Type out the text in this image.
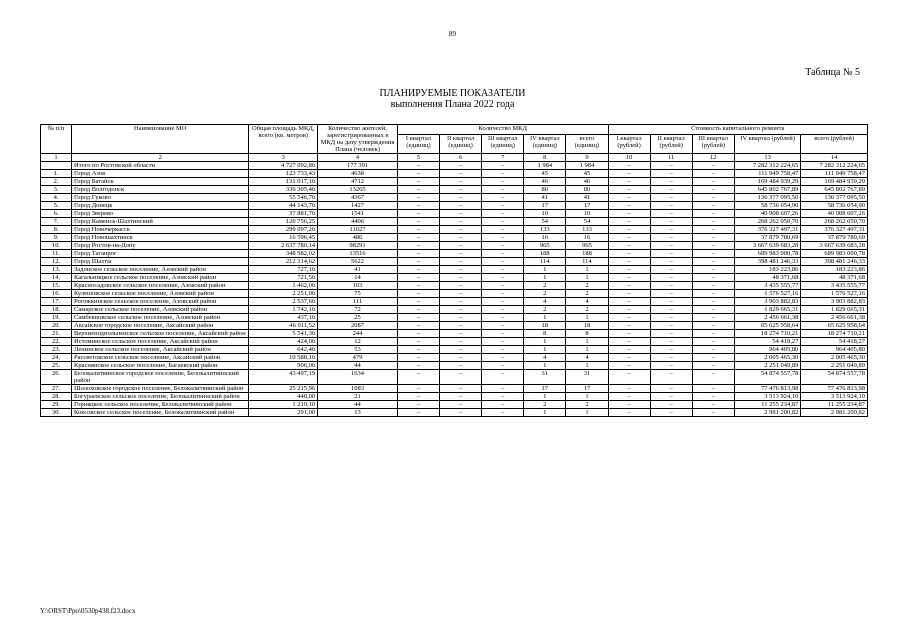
89
Таблица № 5
ПЛАНИРУЕМЫЕ ПОКАЗАТЕЛИ
выполнения Плана 2022 года
№ п/п	Наименование МО	Общая площадь МКД, всего (кв. метров)	Количество жителей, зарегистрированных в МКД на дату утверждения Плана (человек)	Количество МКД					Стоимость капитального ремонта				
				I квартал (единиц)	II квартал (единиц)	III квартал (единиц)	IV квартал (единиц)	всего (единиц)	I квартал (рублей)	II квартал (рублей)	III квартал (рублей)	IV квартал (рублей)	всего (рублей)
1	2	3	4	5	6	7	8	9	10	11	12	13	14
	Итого по Ростовской области	4 727 092,80	177 391	–	–	–	1 984	1 984	–	–	–	7 282 312 224,65	7 282 312 224,65
1.	Город Азов	123 733,43	4638	–	–	–	45	45	–	–	–	111 949 758,47	111 949 758,47
2.	Город Батайск	131 017,10	4712	–	–	–	46	46	–	–	–	169 484 939,29	169 484 939,29
3.	Город Волгодонск	336 305,40	13265	–	–	–	80	80	–	–	–	645 802 767,89	645 802 767,89
4.	Город Гуково	55 546,70	4367	–	–	–	41	41	–	–	–	136 377 095,50	136 377 095,50
5.	Город Донецк	44 143,70	1427	–	–	–	17	17	–	–	–	58 736 054,90	58 736 054,90
6.	Город Зверево	37 881,70	1541	–	–	–	10	10	–	–	–	40 908 607,26	40 908 607,26
7.	Город Каменск-Шахтинский	120 756,25	4406	–	–	–	54	54	–	–	–	268 262 050,70	268 262 050,70
8.	Город Новочеркасск	299 097,20	11027	–	–	–	133	133	–	–	–	376 327 497,31	376 327 497,31
9.	Город Новошахтинск	16 596,45	486	–	–	–	16	16	–	–	–	37 879 780,69	37 879 780,69
10.	Город Ростов-на-Дону	2 637 780,14	98291	–	–	–	965	965	–	–	–	3 667 639 683,28	3 667 639 683,28
11.	Город Таганрог	348 982,02	13516	–	–	–	188	188	–	–	–	689 983 000,78	689 983 000,78
12.	Город Шахты	212 314,62	5622	–	–	–	114	114	–	–	–	398 481 246,33	398 481 246,33
13.	Задонское сельское поселение, Азовский район	727,10	41	–	–	–	1	1	–	–	–	183 223,86	183 223,86
14.	Кагальницкое сельское поселение, Азовский район	721,50	14	–	–	–	1	1	–	–	–	48 371,68	48 371,68
15.	Красносадовское сельское поселение, Азовский район	1 462,00	103	–	–	–	2	2	–	–	–	3 435 555,77	3 435 555,77
16.	Кулешовское сельское поселение, Азовский район	2 251,00	75	–	–	–	2	2	–	–	–	1 576 527,16	1 576 527,16
17.	Рогожкинское сельское поселение, Азовский район	2 537,60	111	–	–	–	4	4	–	–	–	3 903 882,83	3 903 882,83
18.	Самарское сельское поселение, Азовский район	1 742,10	72	–	–	–	2	2	–	–	–	1 829 665,31	1 829 665,31
19.	Самбекновское сельское поселение, Азовский район	437,10	25	–	–	–	1	1	–	–	–	2 456 661,38	2 456 661,38
20.	Аксайское городское поселение, Аксайский район	46 911,52	2087	–	–	–	18	18	–	–	–	65 625 958,64	65 625 958,64
21.	Верхнеподпольненское сельское поселение, Аксайский район	5 541,30	244	–	–	–	8	8	–	–	–	18 274 710,21	18 274 710,21
22.	Истоминское сельское поселение, Аксайский район	424,00	12	–	–	–	1	1	–	–	–	54 418,27	54 418,27
23.	Ленинское сельское поселение, Аксайский район	642,40	53	–	–	–	1	1	–	–	–	964 405,80	964 405,80
24.	Рассветовское сельское поселение, Аксайский район	10 588,10	479	–	–	–	4	4	–	–	–	2 005 465,30	2 005 465,30
25.	Краснянское сельское поселение, Багаевский район	906,00	44	–	–	–	1	1	–	–	–	2 251 049,89	2 251 049,89
26.	Белокалитвинское городское поселение, Белокалитвинский район	43 497,19	1634	–	–	–	31	31	–	–	–	54 874 557,78	54 874 557,78
27.	Шолоховское городское поселение, Белокалитвинский район	25 215,96	1083	–	–	–	17	17	–	–	–	77 476 813,98	77 476 813,98
28.	Богураевское сельское поселение, Белокалитвинский район	448,00	21	–	–	–	1	1	–	–	–	3 513 924,10	3 513 924,10
29.	Горняцкое сельское поселение, Белокалитвинский район	1 219,10	44	–	–	–	2	2	–	–	–	11 255 234,87	11 255 234,87
30.	Коксовское сельское поселение, Белокалитвинский район	291,00	13	–	–	–	1	1	–	–	–	2 981 200,82	2 981 200,82
Y:\ORST\Ppo\0530p438.f23.docx
